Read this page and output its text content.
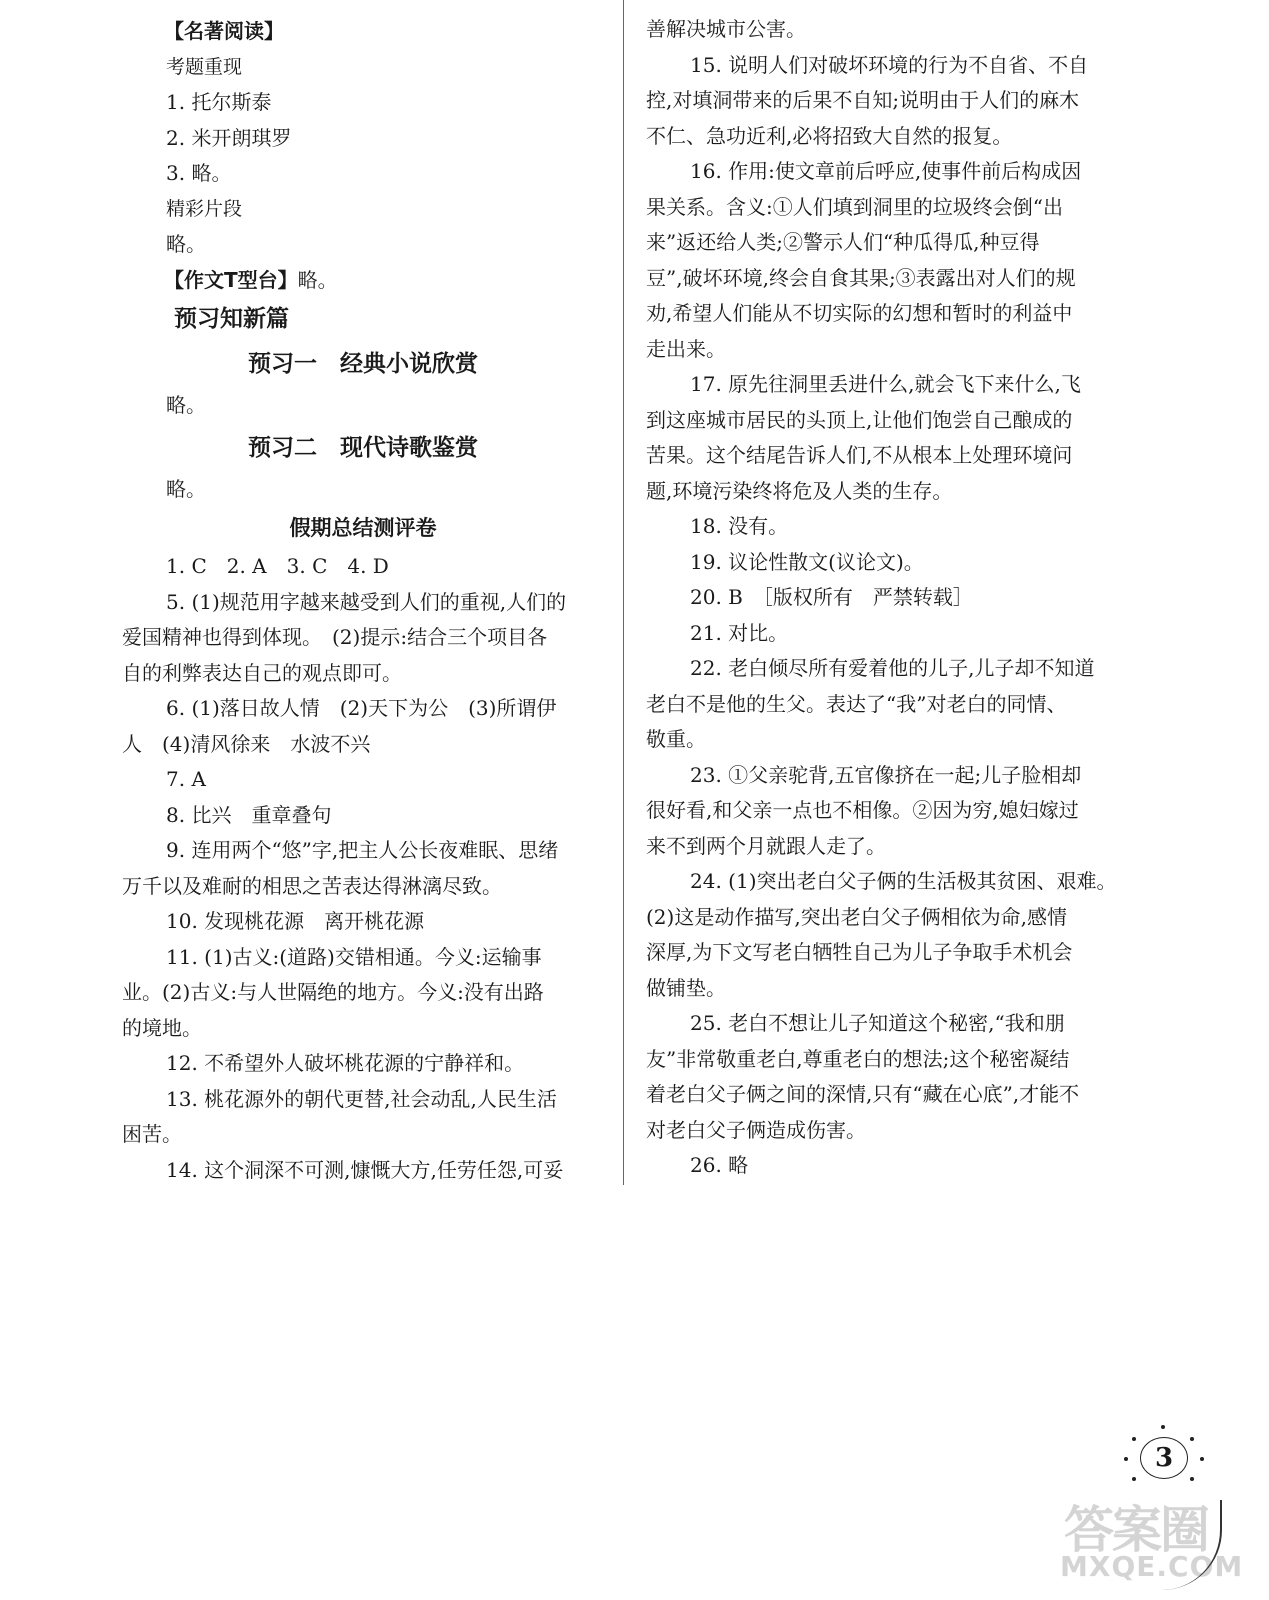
【名著阅读】
考题重现
1. 托尔斯泰
2. 米开朗琪罗
3. 略。
精彩片段
略。
【作文T型台】略。
预习知新篇
预习一　经典小说欣赏
略。
预习二　现代诗歌鉴赏
略。
假期总结测评卷
1. C　2. A　3. C　4. D
5. (1)规范用字越来越受到人们的重视,人们的
爱国精神也得到体现。　(2)提示:结合三个项目各
自的利弊表达自己的观点即可。
6. (1)落日故人情　(2)天下为公　(3)所谓伊
人　(4)清风徐来　水波不兴
7. A
8. 比兴　重章叠句
9. 连用两个“悠”字,把主人公长夜难眠、思绪
万千以及难耐的相思之苦表达得淋漓尽致。
10. 发现桃花源　离开桃花源
11. (1)古义:(道路)交错相通。今义:运输事
业。(2)古义:与人世隔绝的地方。今义:没有出路
的境地。
12. 不希望外人破坏桃花源的宁静祥和。
13. 桃花源外的朝代更替,社会动乱,人民生活
困苦。
14. 这个洞深不可测,慷慨大方,任劳任怨,可妥
善解决城市公害。
15. 说明人们对破坏环境的行为不自省、不自
控,对填洞带来的后果不自知;说明由于人们的麻木
不仁、急功近利,必将招致大自然的报复。
16. 作用:使文章前后呼应,使事件前后构成因
果关系。含义:①人们填到洞里的垃圾终会倒“出
来”返还给人类;②警示人们“种瓜得瓜,种豆得
豆”,破坏环境,终会自食其果;③表露出对人们的规
劝,希望人们能从不切实际的幻想和暂时的利益中
走出来。
17. 原先往洞里丢进什么,就会飞下来什么,飞
到这座城市居民的头顶上,让他们饱尝自己酿成的
苦果。这个结尾告诉人们,不从根本上处理环境问
题,环境污染终将危及人类的生存。
18. 没有。
19. 议论性散文(议论文)。
20. B　［版权所有　严禁转载］
21. 对比。
22. 老白倾尽所有爱着他的儿子,儿子却不知道
老白不是他的生父。表达了“我”对老白的同情、
敬重。
23. ①父亲驼背,五官像挤在一起;儿子脸相却
很好看,和父亲一点也不相像。②因为穷,媳妇嫁过
来不到两个月就跟人走了。
24. (1)突出老白父子俩的生活极其贫困、艰难。
(2)这是动作描写,突出老白父子俩相依为命,感情
深厚,为下文写老白牺牲自己为儿子争取手术机会
做铺垫。
25. 老白不想让儿子知道这个秘密,“我和朋
友”非常敬重老白,尊重老白的想法;这个秘密凝结
着老白父子俩之间的深情,只有“藏在心底”,才能不
对老白父子俩造成伤害。
26. 略
3
答案圈
MXQE.COM
